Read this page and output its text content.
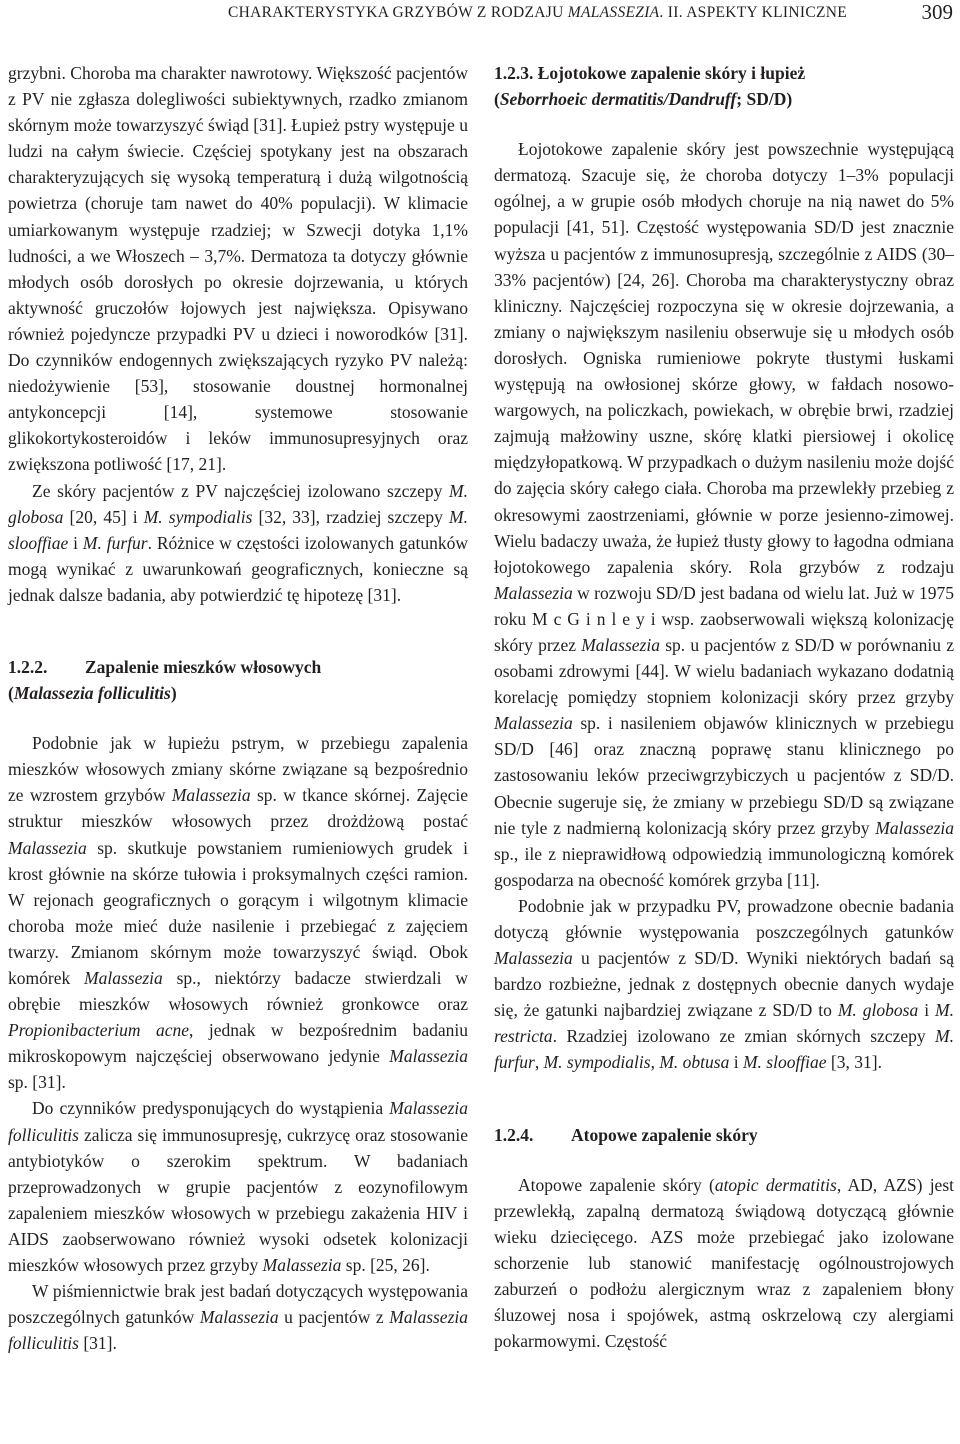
CHARAKTERYSTYKA GRZYBÓW Z RODZAJU MALASSEZIA. II. ASPEKTY KLINICZNE	309

grzybni. Choroba ma charakter nawrotowy. Większość pacjentów z PV nie zgłasza dolegliwości subiektywnych, rzadko zmianom skórnym może towarzyszyć świąd [31]. Łupież pstry występuje u ludzi na całym świecie. Częściej spotykany jest na obszarach charakteryzujących się wysoką temperaturą i dużą wilgotnością powietrza (choruje tam nawet do 40% populacji). W klimacie umiarkowanym występuje rzadziej; w Szwecji dotyka 1,1% ludności, a we Włoszech – 3,7%. Dermatoza ta dotyczy głównie młodych osób dorosłych po okresie dojrzewania, u których aktywność gruczołów łojowych jest największa. Opisywano również pojedyncze przypadki PV u dzieci i noworodków [31]. Do czynników endogennych zwiększających ryzyko PV należą: niedożywienie [53], stosowanie doustnej hormonalnej antykoncepcji [14], systemowe stosowanie glikokortykosteroidów i leków immunosupresyjnych oraz zwiększona potliwość [17, 21].

Ze skóry pacjentów z PV najczęściej izolowano szczepy M. globosa [20, 45] i M. sympodialis [32, 33], rzadziej szczepy M. slooffiae i M. furfur. Różnice w częstości izolowanych gatunków mogą wynikać z uwarunkowań geograficznych, konieczne są jednak dalsze badania, aby potwierdzić tę hipotezę [31].

1.2.2. Zapalenie mieszków włosowych
(Malassezia folliculitis)

Podobnie jak w łupieżu pstrym, w przebiegu zapalenia mieszków włosowych zmiany skórne związane są bezpośrednio ze wzrostem grzybów Malassezia sp. w tkance skórnej. Zajęcie struktur mieszków włosowych przez drożdżową postać Malassezia sp. skutkuje powstaniem rumieniowych grudek i krost głównie na skórze tułowia i proksymalnych części ramion. W rejonach geograficznych o gorącym i wilgotnym klimacie choroba może mieć duże nasilenie i przebiegać z zajęciem twarzy. Zmianom skórnym może towarzyszyć świąd. Obok komórek Malassezia sp., niektórzy badacze stwierdzali w obrębie mieszków włosowych również gronkowce oraz Propionibacterium acne, jednak w bezpośrednim badaniu mikroskopowym najczęściej obserwowano jedynie Malassezia sp. [31].

Do czynników predysponujących do wystąpienia Malassezia folliculitis zalicza się immunosupresję, cukrzycę oraz stosowanie antybiotyków o szerokim spektrum. W badaniach przeprowadzonych w grupie pacjentów z eozynofilowym zapaleniem mieszków włosowych w przebiegu zakażenia HIV i AIDS zaobserwowano również wysoki odsetek kolonizacji mieszków włosowych przez grzyby Malassezia sp. [25, 26].

W piśmiennictwie brak jest badań dotyczących występowania poszczególnych gatunków Malassezia u pacjentów z Malassezia folliculitis [31].

1.2.3. Łojotokowe zapalenie skóry i łupież
(Seborrhoeic dermatitis/Dandruff; SD/D)

Łojotokowe zapalenie skóry jest powszechnie występującą dermatozą. Szacuje się, że choroba dotyczy 1–3% populacji ogólnej, a w grupie osób młodych choruje na nią nawet do 5% populacji [41, 51]. Częstość występowania SD/D jest znacznie wyższa u pacjentów z immunosupresją, szczególnie z AIDS (30–33% pacjentów) [24, 26]. Choroba ma charakterystyczny obraz kliniczny. Najczęściej rozpoczyna się w okresie dojrzewania, a zmiany o największym nasileniu obserwuje się u młodych osób dorosłych. Ogniska rumieniowe pokryte tłustymi łuskami występują na owłosionej skórze głowy, w fałdach nosowo-wargowych, na policzkach, powiekach, w obrębie brwi, rzadziej zajmują małżowiny uszne, skórę klatki piersiowej i okolicę międzyłopatkową. W przypadkach o dużym nasileniu może dojść do zajęcia skóry całego ciała. Choroba ma przewlekły przebieg z okresowymi zaostrzeniami, głównie w porze jesienno-zimowej. Wielu badaczy uważa, że łupież tłusty głowy to łagodna odmiana łojotokowego zapalenia skóry. Rola grzybów z rodzaju Malassezia w rozwoju SD/D jest badana od wielu lat. Już w 1975 roku M c G i n l e y i wsp. zaobserwowali większą kolonizację skóry przez Malassezia sp. u pacjentów z SD/D w porównaniu z osobami zdrowymi [44]. W wielu badaniach wykazano dodatnią korelację pomiędzy stopniem kolonizacji skóry przez grzyby Malassezia sp. i nasileniem objawów klinicznych w przebiegu SD/D [46] oraz znaczną poprawę stanu klinicznego po zastosowaniu leków przeciwgrzybiczych u pacjentów z SD/D. Obecnie sugeruje się, że zmiany w przebiegu SD/D są związane nie tyle z nadmierną kolonizacją skóry przez grzyby Malassezia sp., ile z nieprawidłową odpowiedzią immunologiczną komórek gospodarza na obecność komórek grzyba [11].

Podobnie jak w przypadku PV, prowadzone obecnie badania dotyczą głównie występowania poszczególnych gatunków Malassezia u pacjentów z SD/D. Wyniki niektórych badań są bardzo rozbieżne, jednak z dostępnych obecnie danych wydaje się, że gatunki najbardziej związane z SD/D to M. globosa i M. restricta. Rzadziej izolowano ze zmian skórnych szczepy M. furfur, M. sympodialis, M. obtusa i M. slooffiae [3, 31].

1.2.4. Atopowe zapalenie skóry

Atopowe zapalenie skóry (atopic dermatitis, AD, AZS) jest przewlekłą, zapalną dermatozą świądową dotyczącą głównie wieku dziecięcego. AZS może przebiegać jako izolowane schorzenie lub stanowić manifestację ogólnoustrojowych zaburzeń o podłożu alergicznym wraz z zapaleniem błony śluzowej nosa i spojówek, astmą oskrzelową czy alergiami pokarmowymi. Częstość
